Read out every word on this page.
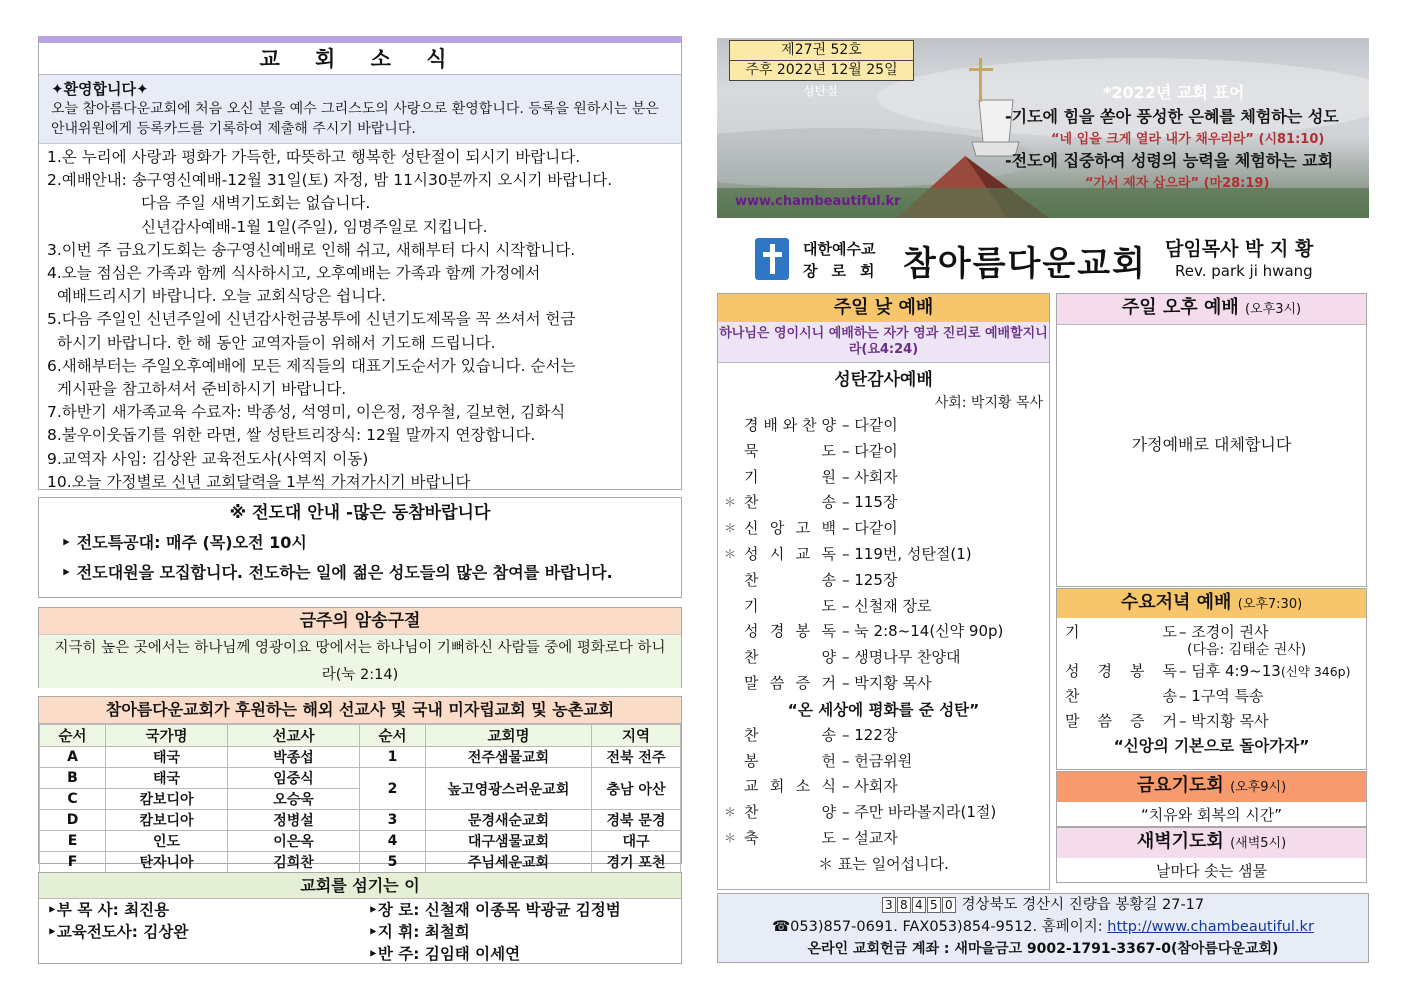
교 회 소 식
✦환영합니다✦
오늘 참아름다운교회에 처음 오신 분을 예수 그리스도의 사랑으로 환영합니다. 등록을 원하시는 분은 안내위원에게 등록카드를 기록하여 제출해 주시기 바랍니다.
1.온 누리에 사랑과 평화가 가득한, 따뜻하고 행복한 성탄절이 되시기 바랍니다.
2.예배안내: 송구영신예배-12월 31일(토) 자정, 밤 11시30분까지 오시기 바랍니다.
다음 주일 새벽기도회는 없습니다.
신년감사예배-1월 1일(주일), 임명주일로 지킵니다.
3.이번 주 금요기도회는 송구영신예배로 인해 쉬고, 새해부터 다시 시작합니다.
4.오늘 점심은 가족과 함께 식사하시고, 오후예배는 가족과 함께 가정에서
예배드리시기 바랍니다. 오늘 교회식당은 쉽니다.
5.다음 주일인 신년주일에 신년감사헌금봉투에 신년기도제목을 꼭 쓰셔서 헌금
하시기 바랍니다. 한 해 동안 교역자들이 위해서 기도해 드립니다.
6.새해부터는 주일오후예배에 모든 제직들의 대표기도순서가 있습니다. 순서는
게시판을 참고하셔서 준비하시기 바랍니다.
7.하반기 새가족교육 수료자: 박종성, 석영미, 이은정, 정우철, 길보현, 김화식
8.불우이웃돕기를 위한 라면, 쌀 성탄트리장식: 12월 말까지 연장합니다.
9.교역자 사임: 김상완 교육전도사(사역지 이동)
10.오늘 가정별로 신년 교회달력을 1부씩 가져가시기 바랍니다
※ 전도대 안내 -많은 동참바랍니다
‣ 전도특공대: 매주 (목)오전 10시
‣ 전도대원을 모집합니다. 전도하는 일에 젊은 성도들의 많은 참여를 바랍니다.
금주의 암송구절
지극히 높은 곳에서는 하나님께 영광이요 땅에서는 하나님이 기뻐하신 사람들 중에 평화로다 하니라(눅 2:14)
참아름다운교회가 후원하는 해외 선교사 및 국내 미자립교회 및 농촌교회
순서	국가명	선교사	순서	교회명	지역
A	태국	박종섭	1	전주샘물교회	전북 전주
B	태국	임중식	2	높고영광스러운교회	충남 아산
C	캄보디아	오승욱			
D	캄보디아	정병설	3	문경새순교회	경북 문경
E	인도	이은옥	4	대구샘물교회	대구
F	탄자니아	김희찬	5	주님세운교회	경기 포천
교회를 섬기는 이
‣부 목 사: 최진용
‣교육전도사: 김상완
‣장 로: 신철재 이종목 박광균 김정범
‣지 휘: 최철희
‣반 주: 김임태 이세연
제27권 52호
주후 2022년 12월 25일
성탄절	*2022년 교회 표어
-기도에 힘을 쏟아 풍성한 은혜를 체험하는 성도
“네 입을 크게 열라 내가 채우리라” (시81:10)
-전도에 집중하여 성령의 능력을 체험하는 교회
“가서 제자 삼으라” (마28:19)
www.chambeautiful.kr
대한예수교
장로회 참아름다운교회 담임목사 박 지 황
Rev. park ji hwang
주일 낮 예배
하나님은 영이시니 예배하는 자가 영과 진리로 예배할지니라(요4:24)
성탄감사예배
사회: 박지황 목사
경 배 와 찬 양 – 다같이
묵	도 – 다같이
기	원 – 사회자
＊ 찬	송 – 115장
＊ 신 앙 고 백 – 다같이
＊ 성 시 교 독 – 119번, 성탄절(1)
찬	송 – 125장
기	도 – 신철재 장로
성 경 봉 독 – 눅 2:8~14(신약 90p)
찬	양 – 생명나무 찬양대
말 씀 증 거 – 박지황 목사
“온 세상에 평화를 준 성탄”
찬	송 – 122장
봉	헌 – 헌금위원
교 회 소 식 – 사회자
＊ 찬	양 – 주만 바라볼지라(1절)
＊ 축	도 – 설교자
＊ 표는 일어섭니다.
주일 오후 예배 (오후3시)
가정예배로 대체합니다
수요저녁 예배 (오후7:30)
기	도 – 조경이 권사
(다음: 김태순 권사)
성 경 봉 독 – 딤후 4:9~13(신약 346p)
찬	송 – 1구역 특송
말 씀 증 거 – 박지황 목사
“신앙의 기본으로 돌아가자”
금요기도회 (오후9시)
“치유와 회복의 시간”
새벽기도회 (새벽5시)
날마다 솟는 샘물
3 8 4 5 0 경상북도 경산시 진량읍 봉황길 27-17
☎053)857-0691. FAX053)854-9512. 홈페이지: http://www.chambeautiful.kr
온라인 교회헌금 계좌 : 새마을금고 9002-1791-3367-0(참아름다운교회)
